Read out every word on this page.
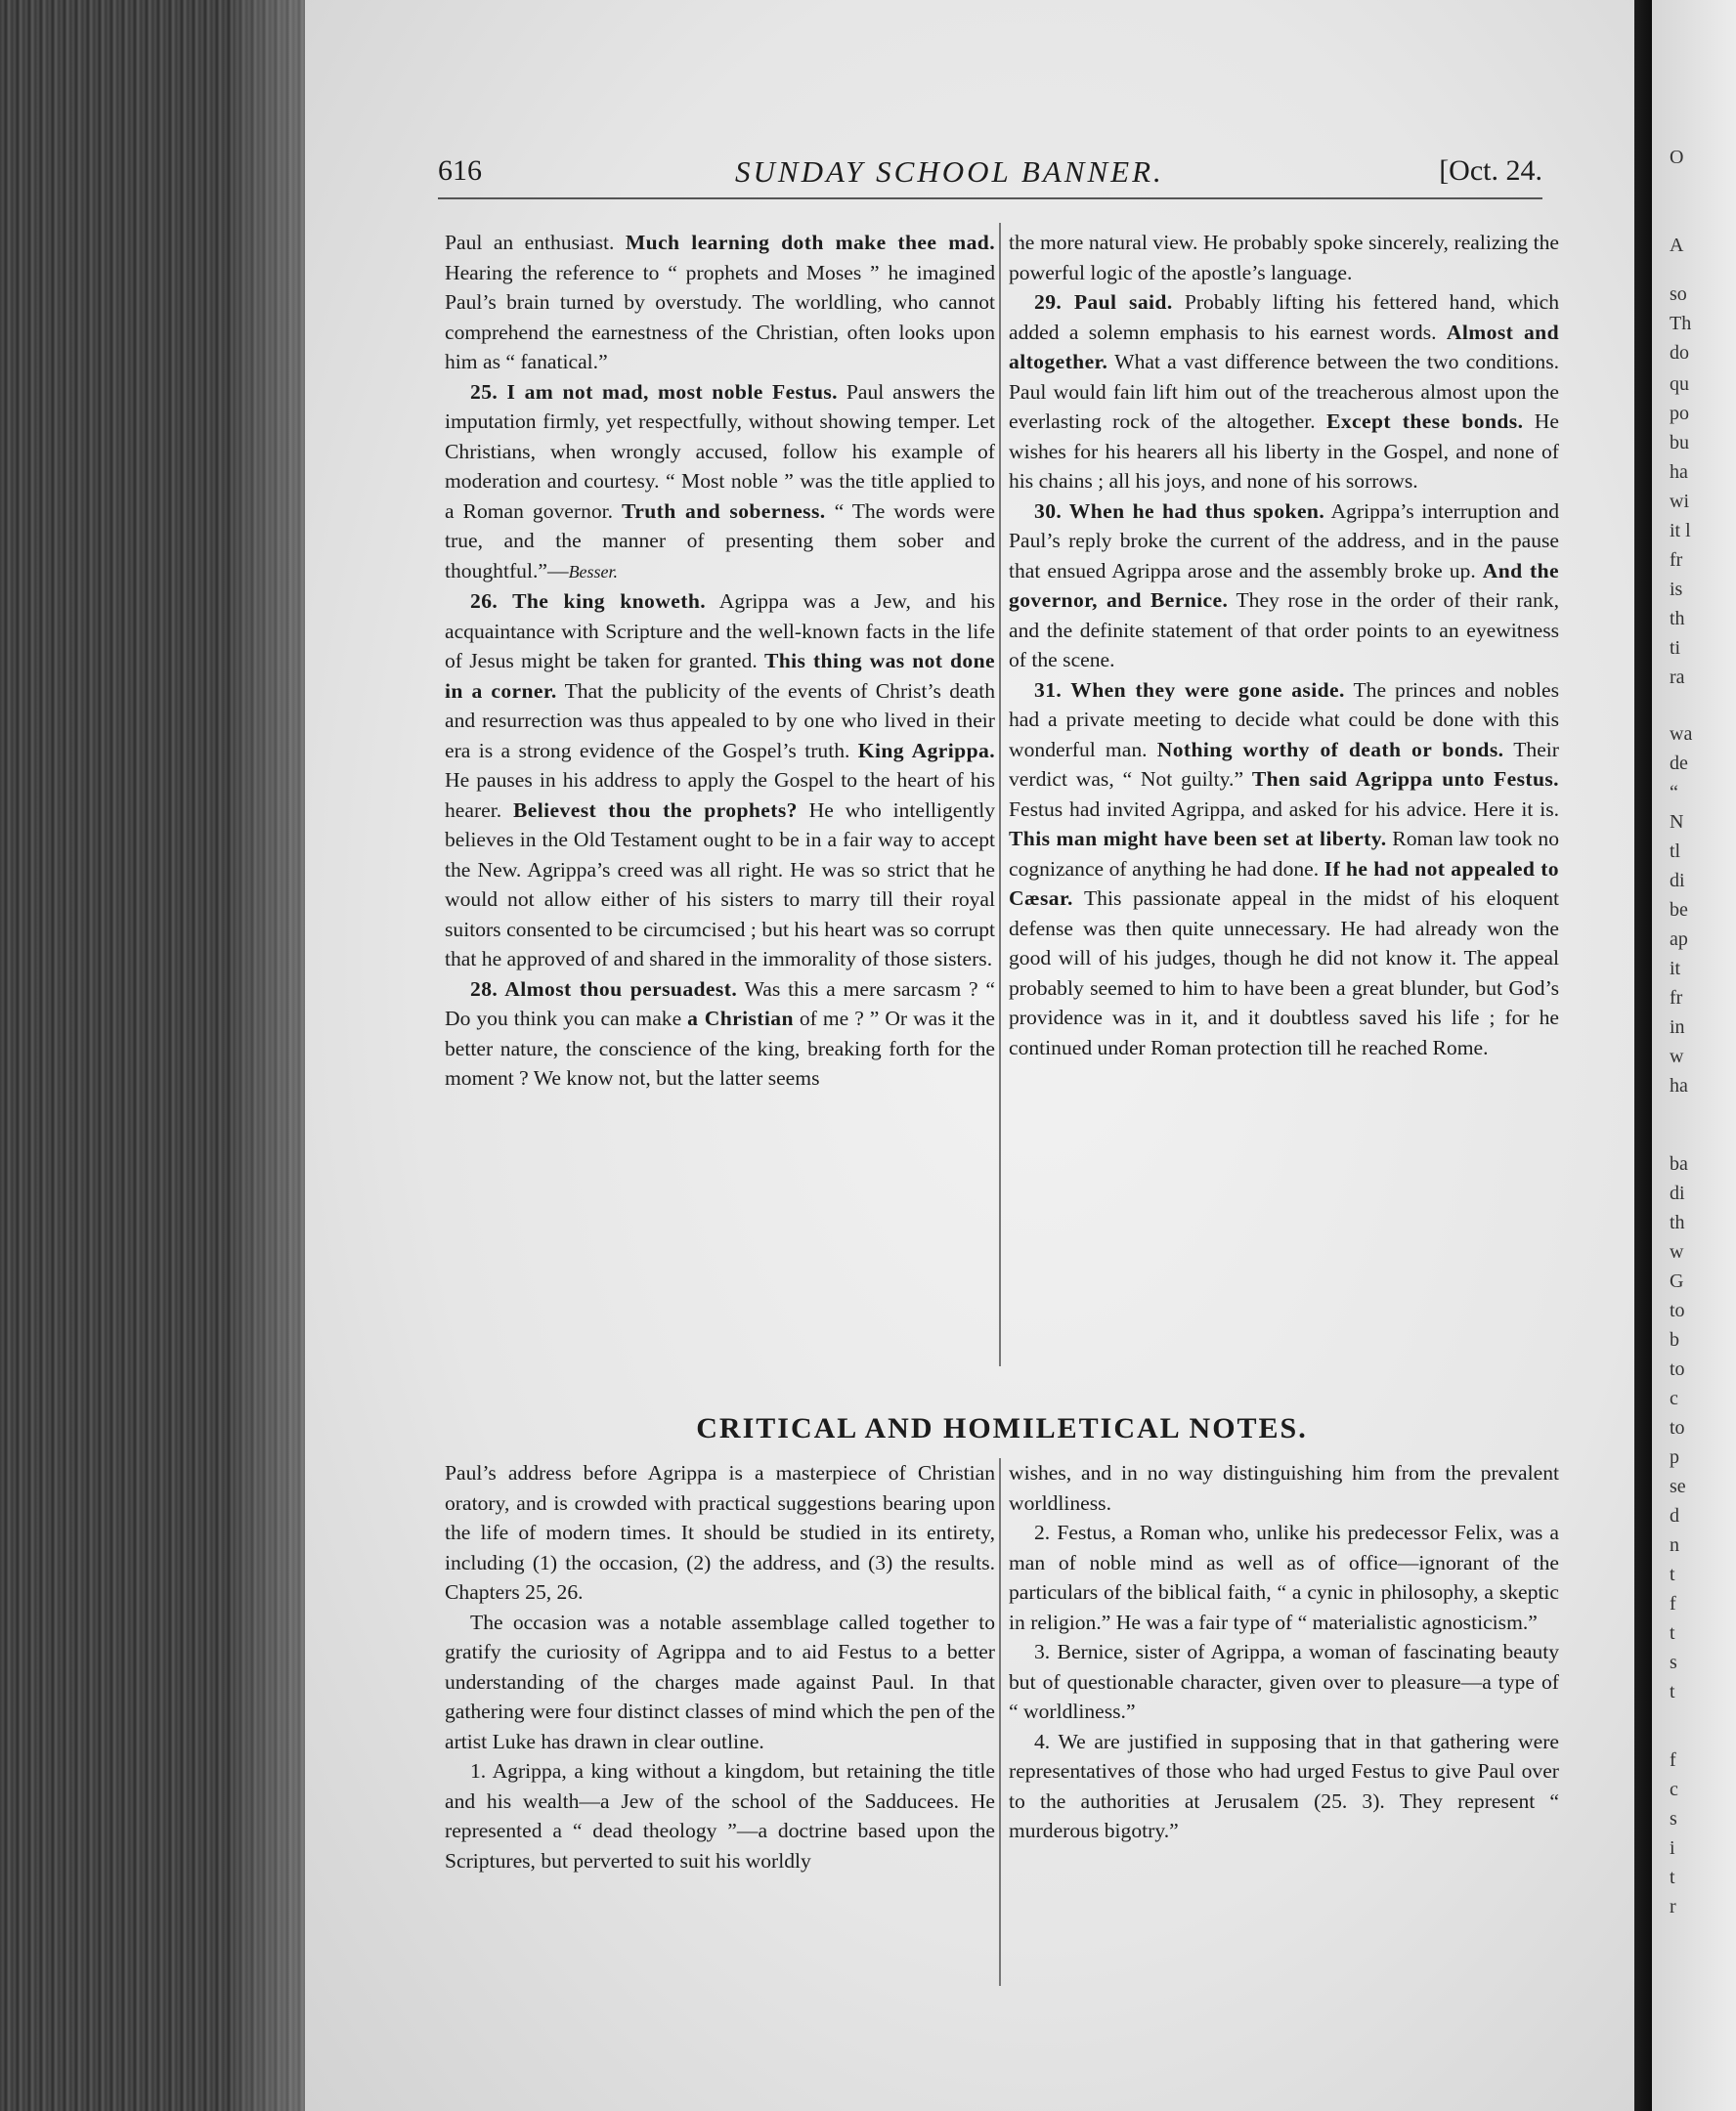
O
A
so
Th
do
qu
po
bu
ha
wi
it l
fr
is
th
ti
ra
wa
de
“
N
tl
di
be
ap
it
fr
in
w
ha
ba
di
th
w
G
to
b
to
c
to
p
se
d
n
t
f
t
s
t
f
c
s
i
t
r
616	SUNDAY SCHOOL BANNER.	[Oct. 24.

Paul an enthusiast. Much learning doth make thee mad. Hearing the reference to “ prophets and Moses ” he imagined Paul’s brain turned by overstudy. The worldling, who cannot comprehend the earnestness of the Christian, often looks upon him as “ fanatical.”

25. I am not mad, most noble Festus. Paul answers the imputation firmly, yet respectfully, without showing temper. Let Christians, when wrongly accused, follow his example of moderation and courtesy. “ Most noble ” was the title applied to a Roman governor. Truth and soberness. “ The words were true, and the manner of presenting them sober and thoughtful.”—Besser.

26. The king knoweth. Agrippa was a Jew, and his acquaintance with Scripture and the well-known facts in the life of Jesus might be taken for granted. This thing was not done in a corner. That the publicity of the events of Christ’s death and resurrection was thus appealed to by one who lived in their era is a strong evidence of the Gospel’s truth. King Agrippa. He pauses in his address to apply the Gospel to the heart of his hearer. Believest thou the prophets? He who intelligently believes in the Old Testament ought to be in a fair way to accept the New. Agrippa’s creed was all right. He was so strict that he would not allow either of his sisters to marry till their royal suitors consented to be circumcised ; but his heart was so corrupt that he approved of and shared in the immorality of those sisters.

28. Almost thou persuadest. Was this a mere sarcasm ? “ Do you think you can make a Christian of me ? ” Or was it the better nature, the conscience of the king, breaking forth for the moment ? We know not, but the latter seems

the more natural view. He probably spoke sincerely, realizing the powerful logic of the apostle’s language.

29. Paul said. Probably lifting his fettered hand, which added a solemn emphasis to his earnest words. Almost and altogether. What a vast difference between the two conditions. Paul would fain lift him out of the treacherous almost upon the everlasting rock of the altogether. Except these bonds. He wishes for his hearers all his liberty in the Gospel, and none of his chains ; all his joys, and none of his sorrows.

30. When he had thus spoken. Agrippa’s interruption and Paul’s reply broke the current of the address, and in the pause that ensued Agrippa arose and the assembly broke up. And the governor, and Bernice. They rose in the order of their rank, and the definite statement of that order points to an eyewitness of the scene.

31. When they were gone aside. The princes and nobles had a private meeting to decide what could be done with this wonderful man. Nothing worthy of death or bonds. Their verdict was, “ Not guilty.” Then said Agrippa unto Festus. Festus had invited Agrippa, and asked for his advice. Here it is. This man might have been set at liberty. Roman law took no cognizance of anything he had done. If he had not appealed to Cæsar. This passionate appeal in the midst of his eloquent defense was then quite unnecessary. He had already won the good will of his judges, though he did not know it. The appeal probably seemed to him to have been a great blunder, but God’s providence was in it, and it doubtless saved his life ; for he continued under Roman protection till he reached Rome.

CRITICAL AND HOMILETICAL NOTES.

Paul’s address before Agrippa is a masterpiece of Christian oratory, and is crowded with practical suggestions bearing upon the life of modern times. It should be studied in its entirety, including (1) the occasion, (2) the address, and (3) the results. Chapters 25, 26.

The occasion was a notable assemblage called together to gratify the curiosity of Agrippa and to aid Festus to a better understanding of the charges made against Paul. In that gathering were four distinct classes of mind which the pen of the artist Luke has drawn in clear outline.

1. Agrippa, a king without a kingdom, but retaining the title and his wealth—a Jew of the school of the Sadducees. He represented a “ dead theology ”—a doctrine based upon the Scriptures, but perverted to suit his worldly

wishes, and in no way distinguishing him from the prevalent worldliness.

2. Festus, a Roman who, unlike his predecessor Felix, was a man of noble mind as well as of office—ignorant of the particulars of the biblical faith, “ a cynic in philosophy, a skeptic in religion.” He was a fair type of “ materialistic agnosticism.”

3. Bernice, sister of Agrippa, a woman of fascinating beauty but of questionable character, given over to pleasure—a type of “ worldliness.”

4. We are justified in supposing that in that gathering were representatives of those who had urged Festus to give Paul over to the authorities at Jerusalem (25. 3). They represent “ murderous bigotry.”
